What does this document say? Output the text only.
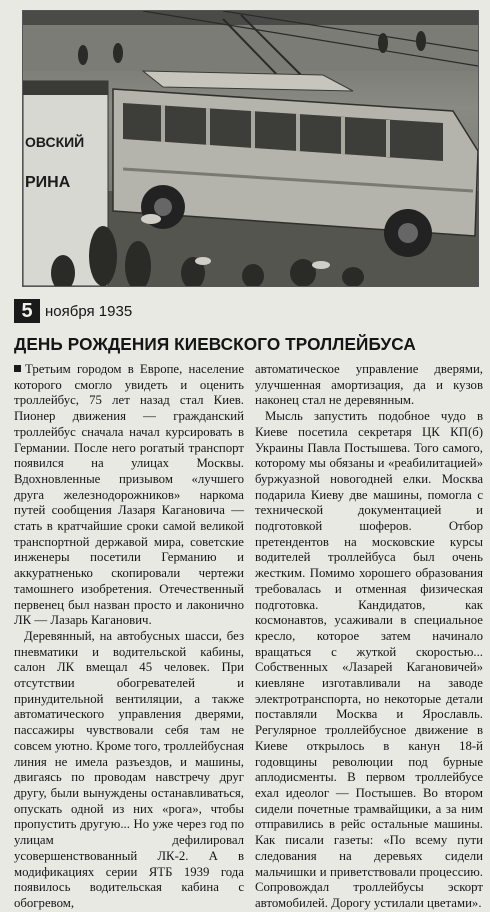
ОВСКИЙ
РИНА
5 ноября 1935
ДЕНЬ РОЖДЕНИЯ КИЕВСКОГО ТРОЛЛЕЙБУСА

Третьим городом в Европе, население которого смогло увидеть и оценить троллейбус, 75 лет назад стал Киев. Пионер движения — гражданский троллейбус сначала начал курсировать в Германии. После него рогатый транспорт появился на улицах Москвы. Вдохновленные призывом «лучшего друга железнодорожников» наркома путей сообщения Лазаря Кагановича — стать в кратчайшие сроки самой великой транспортной державой мира, советские инженеры посетили Германию и аккуратненько скопировали чертежи тамошнего изобретения. Отечественный первенец был назван просто и лаконично ЛК — Лазарь Каганович.

Деревянный, на автобусных шасси, без пневматики и водительской кабины, салон ЛК вмещал 45 человек. При отсутствии обогревателей и принудительной вентиляции, а также автоматического управления дверями, пассажиры чувствовали себя там не совсем уютно. Кроме того, троллейбусная линия не имела разъездов, и машины, двигаясь по проводам навстречу друг другу, были вынуждены останавливаться, опускать одной из них «рога», чтобы пропустить другую... Но уже через год по улицам дефилировал усовершенствованный ЛК-2. А в модификациях серии ЯТБ 1939 года появилось водительская кабина с обогревом,

автоматическое управление дверями, улучшенная амортизация, да и кузов наконец стал не деревянным.

Мысль запустить подобное чудо в Киеве посетила секретаря ЦК КП(б) Украины Павла Постышева. Того самого, которому мы обязаны и «реабилитацией» буржуазной новогодней елки. Москва подарила Киеву две машины, помогла с технической документацией и подготовкой шоферов. Отбор претендентов на московские курсы водителей троллейбуса был очень жестким. Помимо хорошего образования требовалась и отменная физическая подготовка. Кандидатов, как космонавтов, усаживали в специальное кресло, которое затем начинало вращаться с жуткой скоростью... Собственных «Лазарей Кагановичей» киевляне изготавливали на заводе электротранспорта, но некоторые детали поставляли Москва и Ярославль. Регулярное троллейбусное движение в Киеве открылось в канун 18-й годовщины революции под бурные аплодисменты. В первом троллейбусе ехал идеолог — Постышев. Во втором сидели почетные трамвайщики, а за ним отправились в рейс остальные машины. Как писали газеты: «По всему пути следования на деревьях сидели мальчишки и приветствовали процессию. Сопровождал троллейбусы эскорт автомобилей. Дорогу устилали цветами».
